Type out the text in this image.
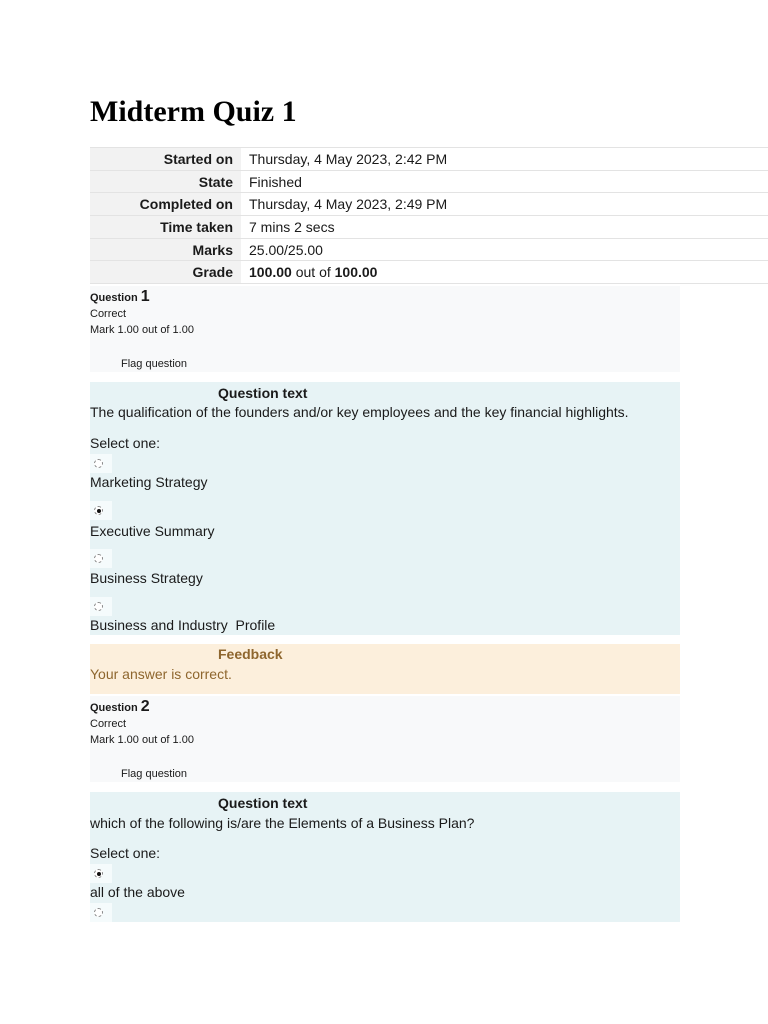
Midterm Quiz 1
Started on	Thursday, 4 May 2023, 2:42 PM
State	Finished
Completed on	Thursday, 4 May 2023, 2:49 PM
Time taken	7 mins 2 secs
Marks	25.00/25.00
Grade	100.00 out of 100.00
Question 1
Correct
Mark 1.00 out of 1.00
Flag question
Question text
The qualification of the founders and/or key employees and the key financial highlights.
Select one:
Marketing Strategy
Executive Summary
Business Strategy
Business and Industry  Profile
Feedback
Your answer is correct.
Question 2
Correct
Mark 1.00 out of 1.00
Flag question
Question text
which of the following is/are the Elements of a Business Plan?
Select one:
all of the above
